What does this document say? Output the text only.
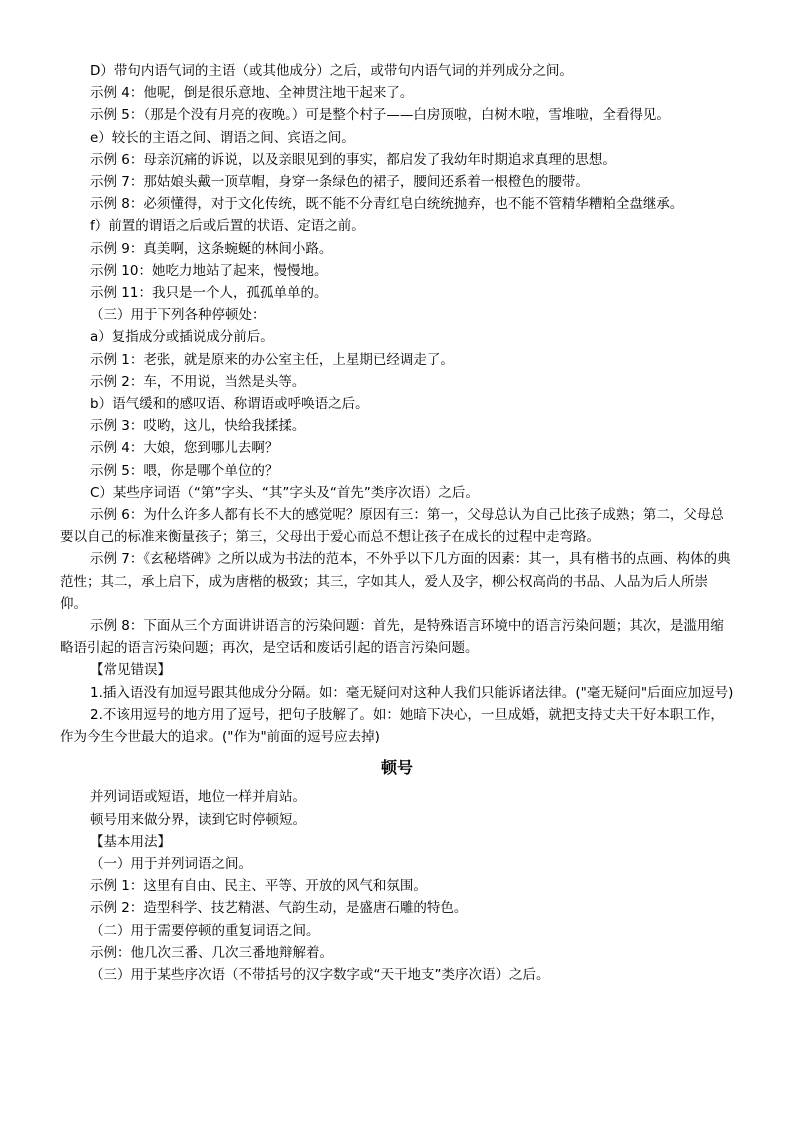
D）带句内语气词的主语（或其他成分）之后，或带句内语气词的并列成分之间。

示例 4：他呢，倒是很乐意地、全神贯注地干起来了。

示例 5：（那是个没有月亮的夜晚。）可是整个村子——白房顶啦，白树木啦，雪堆啦，全看得见。

e）较长的主语之间、谓语之间、宾语之间。

示例 6：母亲沉痛的诉说，以及亲眼见到的事实，都启发了我幼年时期追求真理的思想。

示例 7：那姑娘头戴一顶草帽，身穿一条绿色的裙子，腰间还系着一根橙色的腰带。

示例 8：必须懂得，对于文化传统，既不能不分青红皂白统统抛弃，也不能不管精华糟粕全盘继承。

f）前置的谓语之后或后置的状语、定语之前。

示例 9：真美啊，这条蜿蜒的林间小路。

示例 10：她吃力地站了起来，慢慢地。

示例 11：我只是一个人，孤孤单单的。

（三）用于下列各种停顿处：

a）复指成分或插说成分前后。

示例 1：老张，就是原来的办公室主任，上星期已经调走了。

示例 2：车，不用说，当然是头等。

b）语气缓和的感叹语、称谓语或呼唤语之后。

示例 3：哎哟，这儿，快给我揉揉。

示例 4：大娘，您到哪儿去啊？

示例 5：喂，你是哪个单位的？

C）某些序词语（“第”字头、“其”字头及“首先”类序次语）之后。

示例 6：为什么许多人都有长不大的感觉呢？原因有三：第一，父母总认为自己比孩子成熟；第二，父母总要以自己的标准来衡量孩子；第三，父母出于爱心而总不想让孩子在成长的过程中走弯路。

示例 7：《玄秘塔碑》之所以成为书法的范本，不外乎以下几方面的因素：其一，具有楷书的点画、构体的典范性；其二，承上启下，成为唐楷的极致；其三，字如其人，爱人及字，柳公权高尚的书品、人品为后人所崇仰。

示例 8：下面从三个方面讲讲语言的污染问题：首先，是特殊语言环境中的语言污染问题；其次，是滥用缩略语引起的语言污染问题；再次，是空话和废话引起的语言污染问题。

【常见错误】

1.插入语没有加逗号跟其他成分分隔。如：毫无疑问对这种人我们只能诉诸法律。("毫无疑问"后面应加逗号)

2.不该用逗号的地方用了逗号，把句子肢解了。如：她暗下决心，一旦成婚，就把支持丈夫干好本职工作，作为今生今世最大的追求。("作为"前面的逗号应去掉)

顿号

并列词语或短语，地位一样并肩站。

顿号用来做分界，读到它时停顿短。

【基本用法】

（一）用于并列词语之间。

示例 1：这里有自由、民主、平等、开放的风气和氛围。

示例 2：造型科学、技艺精湛、气韵生动，是盛唐石雕的特色。

（二）用于需要停顿的重复词语之间。

示例：他几次三番、几次三番地辩解着。

（三）用于某些序次语（不带括号的汉字数字或“天干地支”类序次语）之后。
